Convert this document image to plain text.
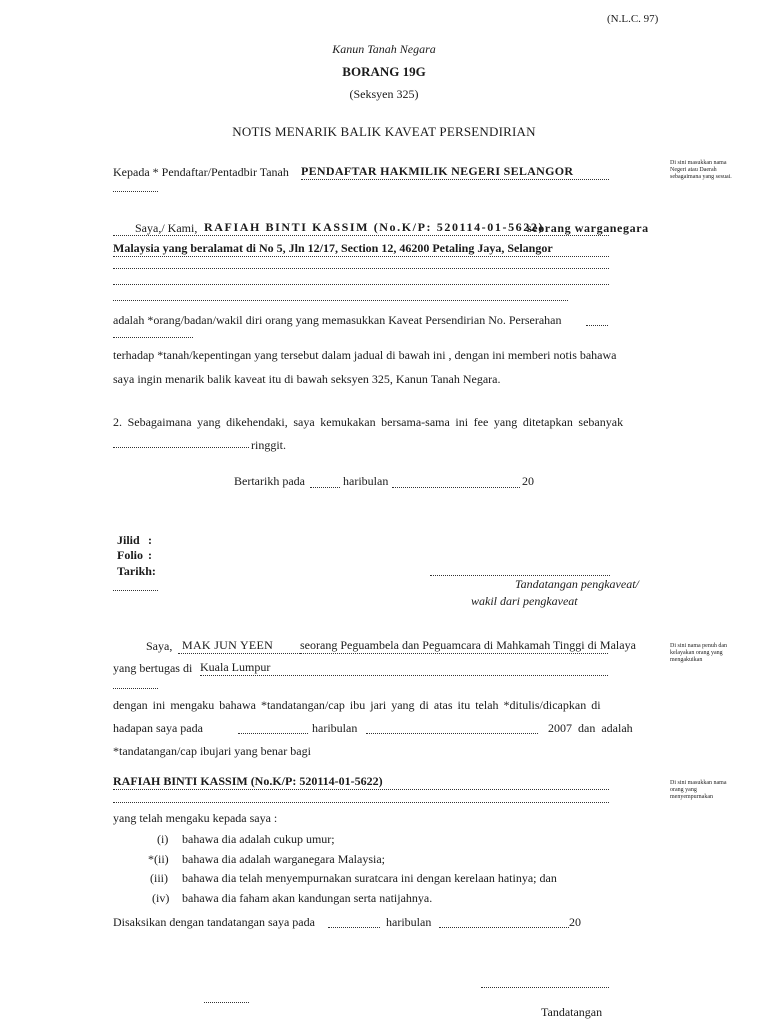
(N.L.C. 97)
Kanun Tanah Negara
BORANG 19G
(Seksyen 325)
NOTIS MENARIK BALIK KAVEAT PERSENDIRIAN
Di sini masukkan nama Negeri atau Daerah sebagaimana yang sesuai.
Di sini nama penuh dan kelayakan orang yang mengakuikan
Di sini masukkan nama orang yang menyempurnakan
Kepada * Pendaftar/Pentadbir Tanah PENDAFTAR HAKMILIK NEGERI SELANGOR
Saya,/ Kami, RAFIAH BINTI KASSIM (No.K/P: 520114-01-5622)
seorang warganegara
Malaysia yang beralamat di No 5, Jln 12/17, Section 12, 46200 Petaling Jaya, Selangor
adalah *orang/badan/wakil diri orang yang memasukkan Kaveat Persendirian No. Perserahan
terhadap *tanah/kepentingan yang tersebut dalam jadual di bawah ini , dengan ini memberi notis bahawa
saya ingin menarik balik kaveat itu di bawah seksyen 325, Kanun Tanah Negara.
2. Sebagaimana yang dikehendaki, saya kemukakan bersama-sama ini fee yang ditetapkan sebanyak
ringgit.
Bertarikh pada	haribulan	20
Jilid :
Folio :
Tarikh:
Tandatangan pengkaveat/
wakil dari pengkaveat
Saya, MAK JUN YEEN	seorang Peguambela dan Peguamcara di Mahkamah Tinggi di Malaya
yang bertugas di Kuala Lumpur
dengan ini mengaku bahawa *tandatangan/cap ibu jari yang di atas itu telah *ditulis/dicapkan di
hadapan saya pada	haribulan	2007 dan adalah
*tandatangan/cap ibujari yang benar bagi
RAFIAH BINTI KASSIM (No.K/P: 520114-01-5622)
yang telah mengaku kepada saya :
(i) bahawa dia adalah cukup umur;
*(ii) bahawa dia adalah warganegara Malaysia;
(iii) bahawa dia telah menyempurnakan suratcara ini dengan kerelaan hatinya; dan
(iv) bahawa dia faham akan kandungan serta natijahnya.
Disaksikan dengan tandatangan saya pada	haribulan	20
Tandatangan
